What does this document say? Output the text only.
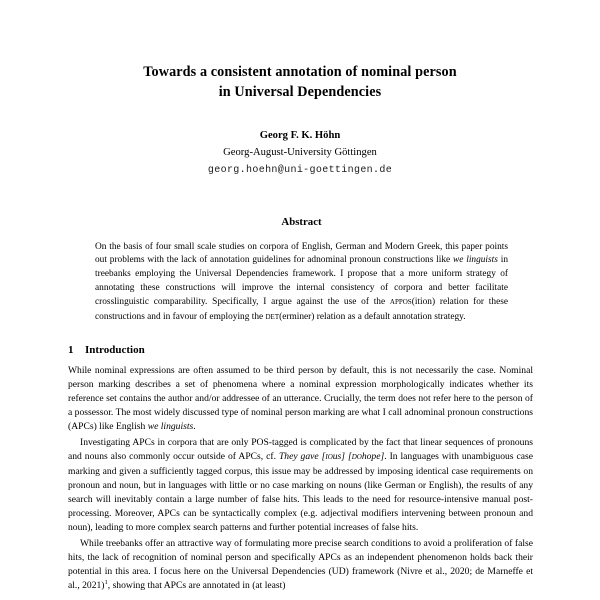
Towards a consistent annotation of nominal person
in Universal Dependencies
Georg F. K. Höhn
Georg-August-University Göttingen
georg.hoehn@uni-goettingen.de
Abstract
On the basis of four small scale studies on corpora of English, German and Modern Greek, this paper points out problems with the lack of annotation guidelines for adnominal pronoun constructions like we linguists in treebanks employing the Universal Dependencies framework. I propose that a more uniform strategy of annotating these constructions will improve the internal consistency of corpora and better facilitate crosslinguistic comparability. Specifically, I argue against the use of the appos(ition) relation for these constructions and in favour of employing the det(erminer) relation as a default annotation strategy.
1 Introduction

While nominal expressions are often assumed to be third person by default, this is not necessarily the case. Nominal person marking describes a set of phenomena where a nominal expression morphologically indicates whether its reference set contains the author and/or addressee of an utterance. Crucially, the term does not refer here to the person of a possessor. The most widely discussed type of nominal person marking are what I call adnominal pronoun constructions (APCs) like English we linguists.

Investigating APCs in corpora that are only POS-tagged is complicated by the fact that linear sequences of pronouns and nouns also commonly occur outside of APCs, cf. They gave [ious] [dohope]. In languages with unambiguous case marking and given a sufficiently tagged corpus, this issue may be addressed by imposing identical case requirements on pronoun and noun, but in languages with little or no case marking on nouns (like German or English), the results of any search will inevitably contain a large number of false hits. This leads to the need for resource-intensive manual post-processing. Moreover, APCs can be syntactically complex (e.g. adjectival modifiers intervening between pronoun and noun), leading to more complex search patterns and further potential increases of false hits.

While treebanks offer an attractive way of formulating more precise search conditions to avoid a proliferation of false hits, the lack of recognition of nominal person and specifically APCs as an independent phenomenon holds back their potential in this area. I focus here on the Universal Dependencies (UD) framework (Nivre et al., 2020; de Marneffe et al., 2021)$^1$, showing that APCs are annotated in (at least)
